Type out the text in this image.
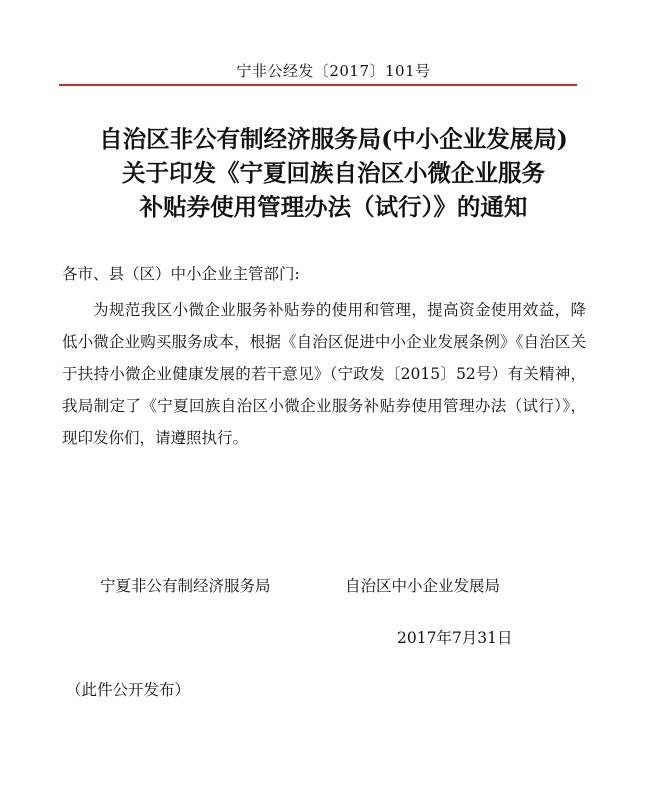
宁非公经发〔2017〕101号
自治区非公有制经济服务局(中小企业发展局)
关于印发《宁夏回族自治区小微企业服务
补贴券使用管理办法（试行）》的通知
各市、县（区）中小企业主管部门:
为规范我区小微企业服务补贴券的使用和管理，提高资金使用效益，降低小微企业购买服务成本，根据《自治区促进中小企业发展条例》《自治区关于扶持小微企业健康发展的若干意见》（宁政发〔2015〕52号）有关精神，我局制定了《宁夏回族自治区小微企业服务补贴券使用管理办法（试行）》，现印发你们，请遵照执行。
宁夏非公有制经济服务局	自治区中小企业发展局
2017年7月31日
（此件公开发布）
